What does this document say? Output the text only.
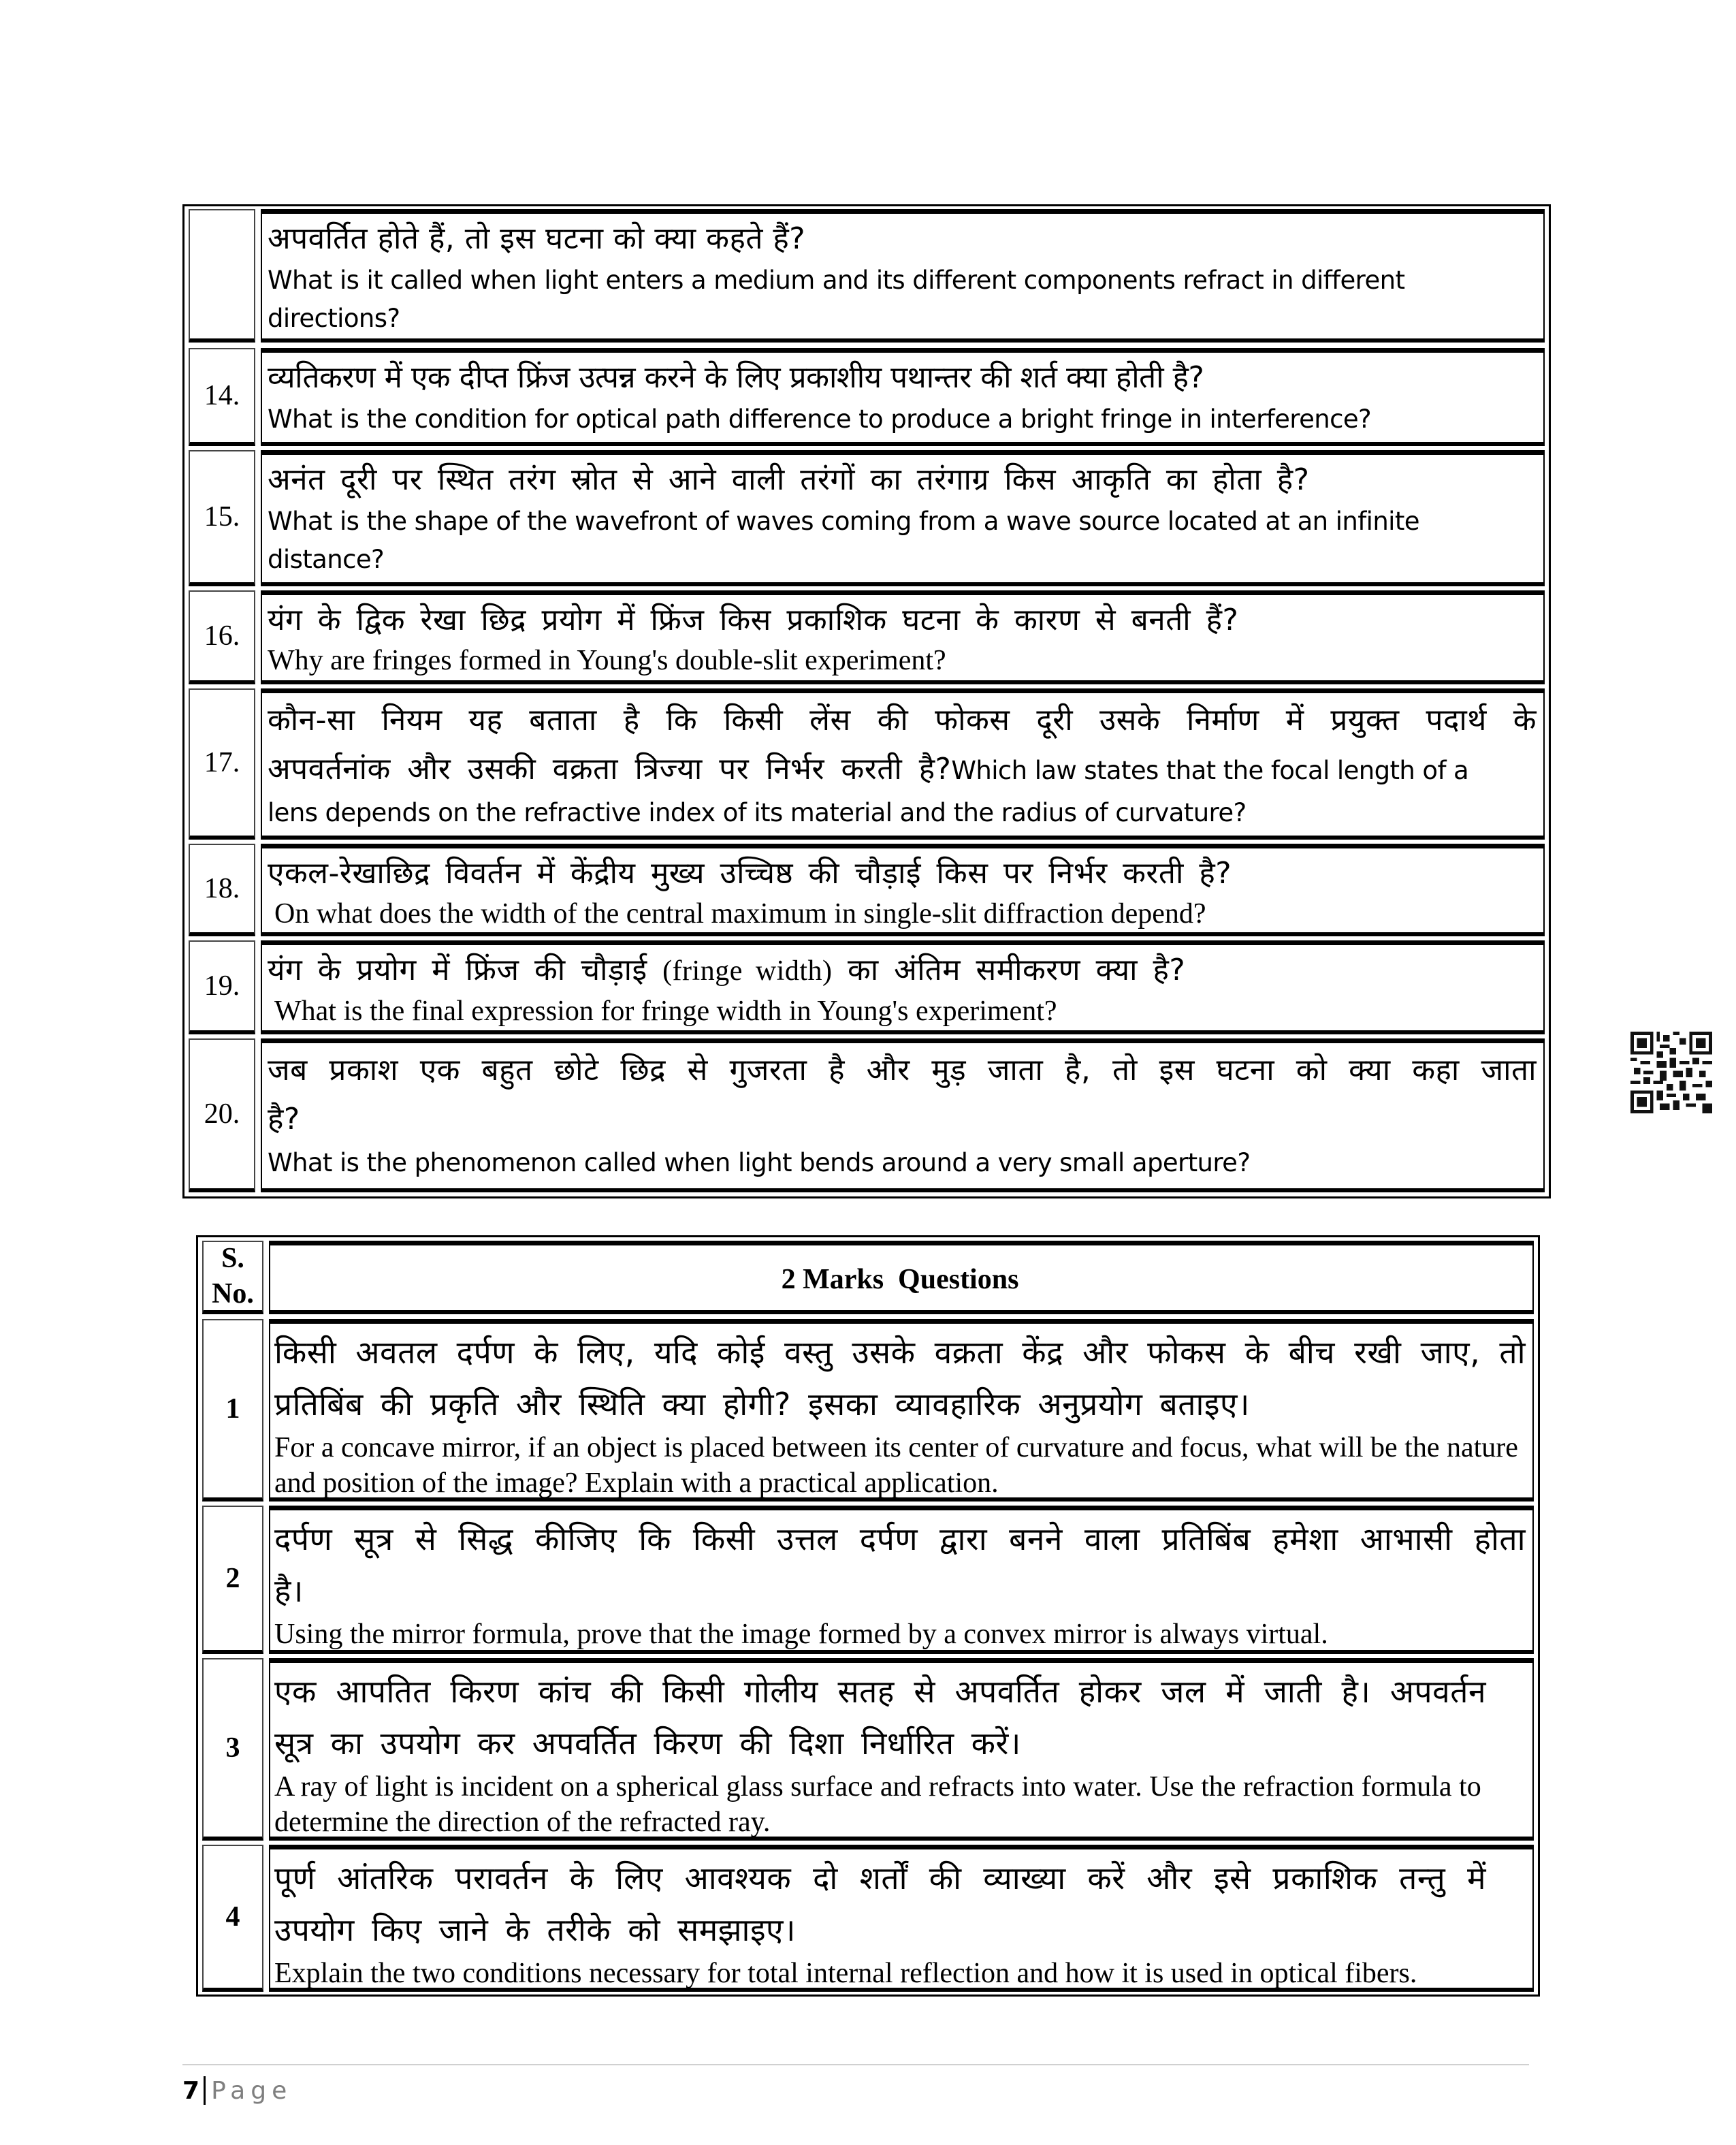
अपवर्तित होते हैं, तो इस घटना को क्या कहते हैं?
What is it called when light enters a medium and its different components refract in different directions?
14.
व्यतिकरण में एक दीप्त फ्रिंज उत्पन्न करने के लिए प्रकाशीय पथान्तर की शर्त क्या होती है?
What is the condition for optical path difference to produce a bright fringe in interference?
15.
अनंत दूरी पर स्थित तरंग स्रोत से आने वाली तरंगों का तरंगाग्र किस आकृति का होता है?
What is the shape of the wavefront of waves coming from a wave source located at an infinite distance?
16. यंग के द्विक रेखा छिद्र प्रयोग में फ्रिंज किस प्रकाशिक घटना के कारण से बनती हैं?
Why are fringes formed in Young's double-slit experiment?
17.
कौन-सा नियम यह बताता है कि किसी लेंस की फोकस दूरी उसके निर्माण में प्रयुक्त पदार्थ के
अपवर्तनांक और उसकी वक्रता त्रिज्या पर निर्भर करती है?Which law states that the focal length of a
lens depends on the refractive index of its material and the radius of curvature?
18. एकल-रेखाछिद्र विवर्तन में केंद्रीय मुख्य उच्चिष्ठ की चौड़ाई किस पर निर्भर करती है?
On what does the width of the central maximum in single-slit diffraction depend?
19. यंग के प्रयोग में फ्रिंज की चौड़ाई (fringe width) का अंतिम समीकरण क्या है?
What is the final expression for fringe width in Young's experiment?
20.
जब प्रकाश एक बहुत छोटे छिद्र से गुजरता है और मुड़ जाता है, तो इस घटना को क्या कहा जाता
है?
What is the phenomenon called when light bends around a very small aperture?
S.
No.	2 Marks  Questions
1
किसी अवतल दर्पण के लिए, यदि कोई वस्तु उसके वक्रता केंद्र और फोकस के बीच रखी जाए, तो
प्रतिबिंब की प्रकृति और स्थिति क्या होगी? इसका व्यावहारिक अनुप्रयोग बताइए।
For a concave mirror, if an object is placed between its center of curvature and focus, what will be the nature and position of the image? Explain with a practical application.
2
दर्पण सूत्र से सिद्ध कीजिए कि किसी उत्तल दर्पण द्वारा बनने वाला प्रतिबिंब हमेशा आभासी होता
है।
Using the mirror formula, prove that the image formed by a convex mirror is always virtual.
3
एक आपतित किरण कांच की किसी गोलीय सतह से अपवर्तित होकर जल में जाती है। अपवर्तन
सूत्र का उपयोग कर अपवर्तित किरण की दिशा निर्धारित करें।
A ray of light is incident on a spherical glass surface and refracts into water. Use the refraction formula to determine the direction of the refracted ray.
4
पूर्ण आंतरिक परावर्तन के लिए आवश्यक दो शर्तों की व्याख्या करें और इसे प्रकाशिक तन्तु में
उपयोग किए जाने के तरीके को समझाइए।
Explain the two conditions necessary for total internal reflection and how it is used in optical fibers.
7 Page
